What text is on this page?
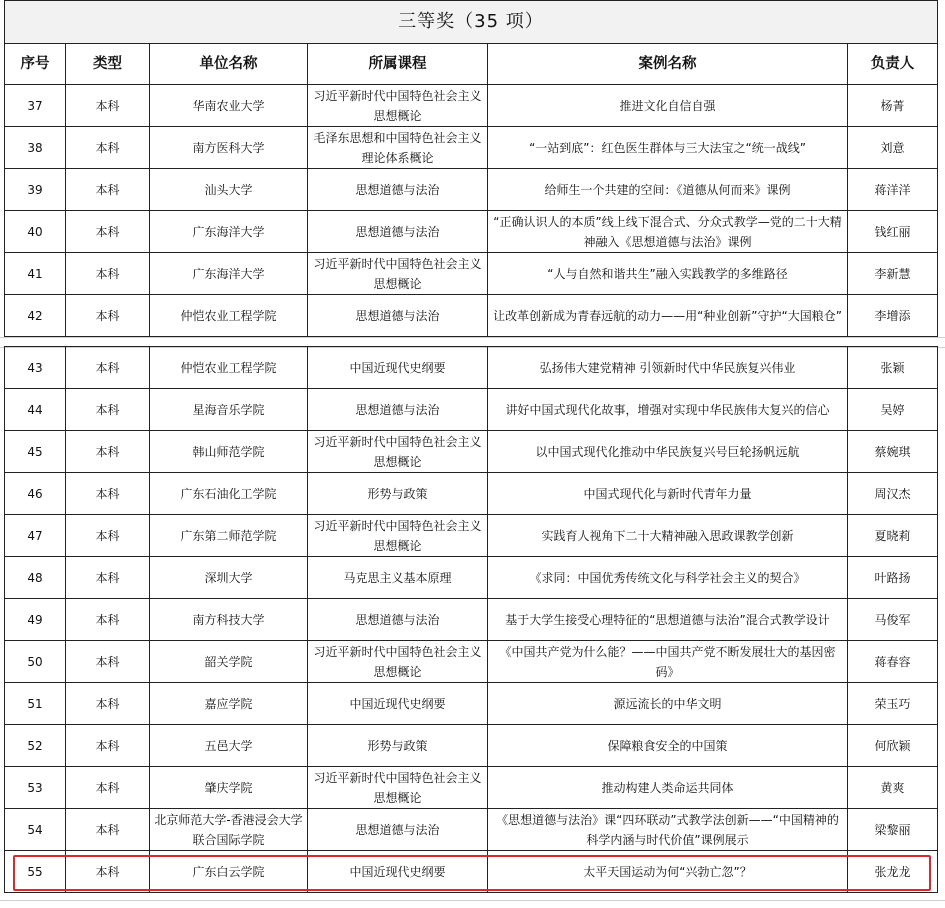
三等奖（35 项）					
序号	类型	单位名称	所属课程	案例名称	负责人
37	本科	华南农业大学	习近平新时代中国特色社会主义思想概论	推进文化自信自强	杨菁
38	本科	南方医科大学	毛泽东思想和中国特色社会主义理论体系概论	“一站到底”：红色医生群体与三大法宝之“统一战线”	刘意
39	本科	汕头大学	思想道德与法治	给师生一个共建的空间：《道德从何而来》课例	蒋洋洋
40	本科	广东海洋大学	思想道德与法治	“正确认识人的本质”线上线下混合式、分众式教学—党的二十大精神融入《思想道德与法治》课例	钱红丽
41	本科	广东海洋大学	习近平新时代中国特色社会主义思想概论	“人与自然和谐共生”融入实践教学的多维路径	李新慧
42	本科	仲恺农业工程学院	思想道德与法治	让改革创新成为青春远航的动力——用“种业创新”守护“大国粮仓”	李增添
43	本科	仲恺农业工程学院	中国近现代史纲要	弘扬伟大建党精神 引领新时代中华民族复兴伟业	张颖
44	本科	星海音乐学院	思想道德与法治	讲好中国式现代化故事，增强对实现中华民族伟大复兴的信心	吴婷
45	本科	韩山师范学院	习近平新时代中国特色社会主义思想概论	以中国式现代化推动中华民族复兴号巨轮扬帆远航	蔡婉琪
46	本科	广东石油化工学院	形势与政策	中国式现代化与新时代青年力量	周汉杰
47	本科	广东第二师范学院	习近平新时代中国特色社会主义思想概论	实践育人视角下二十大精神融入思政课教学创新	夏晓莉
48	本科	深圳大学	马克思主义基本原理	《求同：中国优秀传统文化与科学社会主义的契合》	叶路扬
49	本科	南方科技大学	思想道德与法治	基于大学生接受心理特征的“思想道德与法治”混合式教学设计	马俊军
50	本科	韶关学院	习近平新时代中国特色社会主义思想概论	《中国共产党为什么能？——中国共产党不断发展壮大的基因密码》	蒋春容
51	本科	嘉应学院	中国近现代史纲要	源远流长的中华文明	荣玉巧
52	本科	五邑大学	形势与政策	保障粮食安全的中国策	何欣颖
53	本科	肇庆学院	习近平新时代中国特色社会主义思想概论	推动构建人类命运共同体	黄爽
54	本科	北京师范大学-香港浸会大学联合国际学院	思想道德与法治	《思想道德与法治》课“四环联动”式教学法创新——“中国精神的科学内涵与时代价值”课例展示	梁黎丽
55	本科	广东白云学院	中国近现代史纲要	太平天国运动为何“兴勃亡忽”？	张龙龙
